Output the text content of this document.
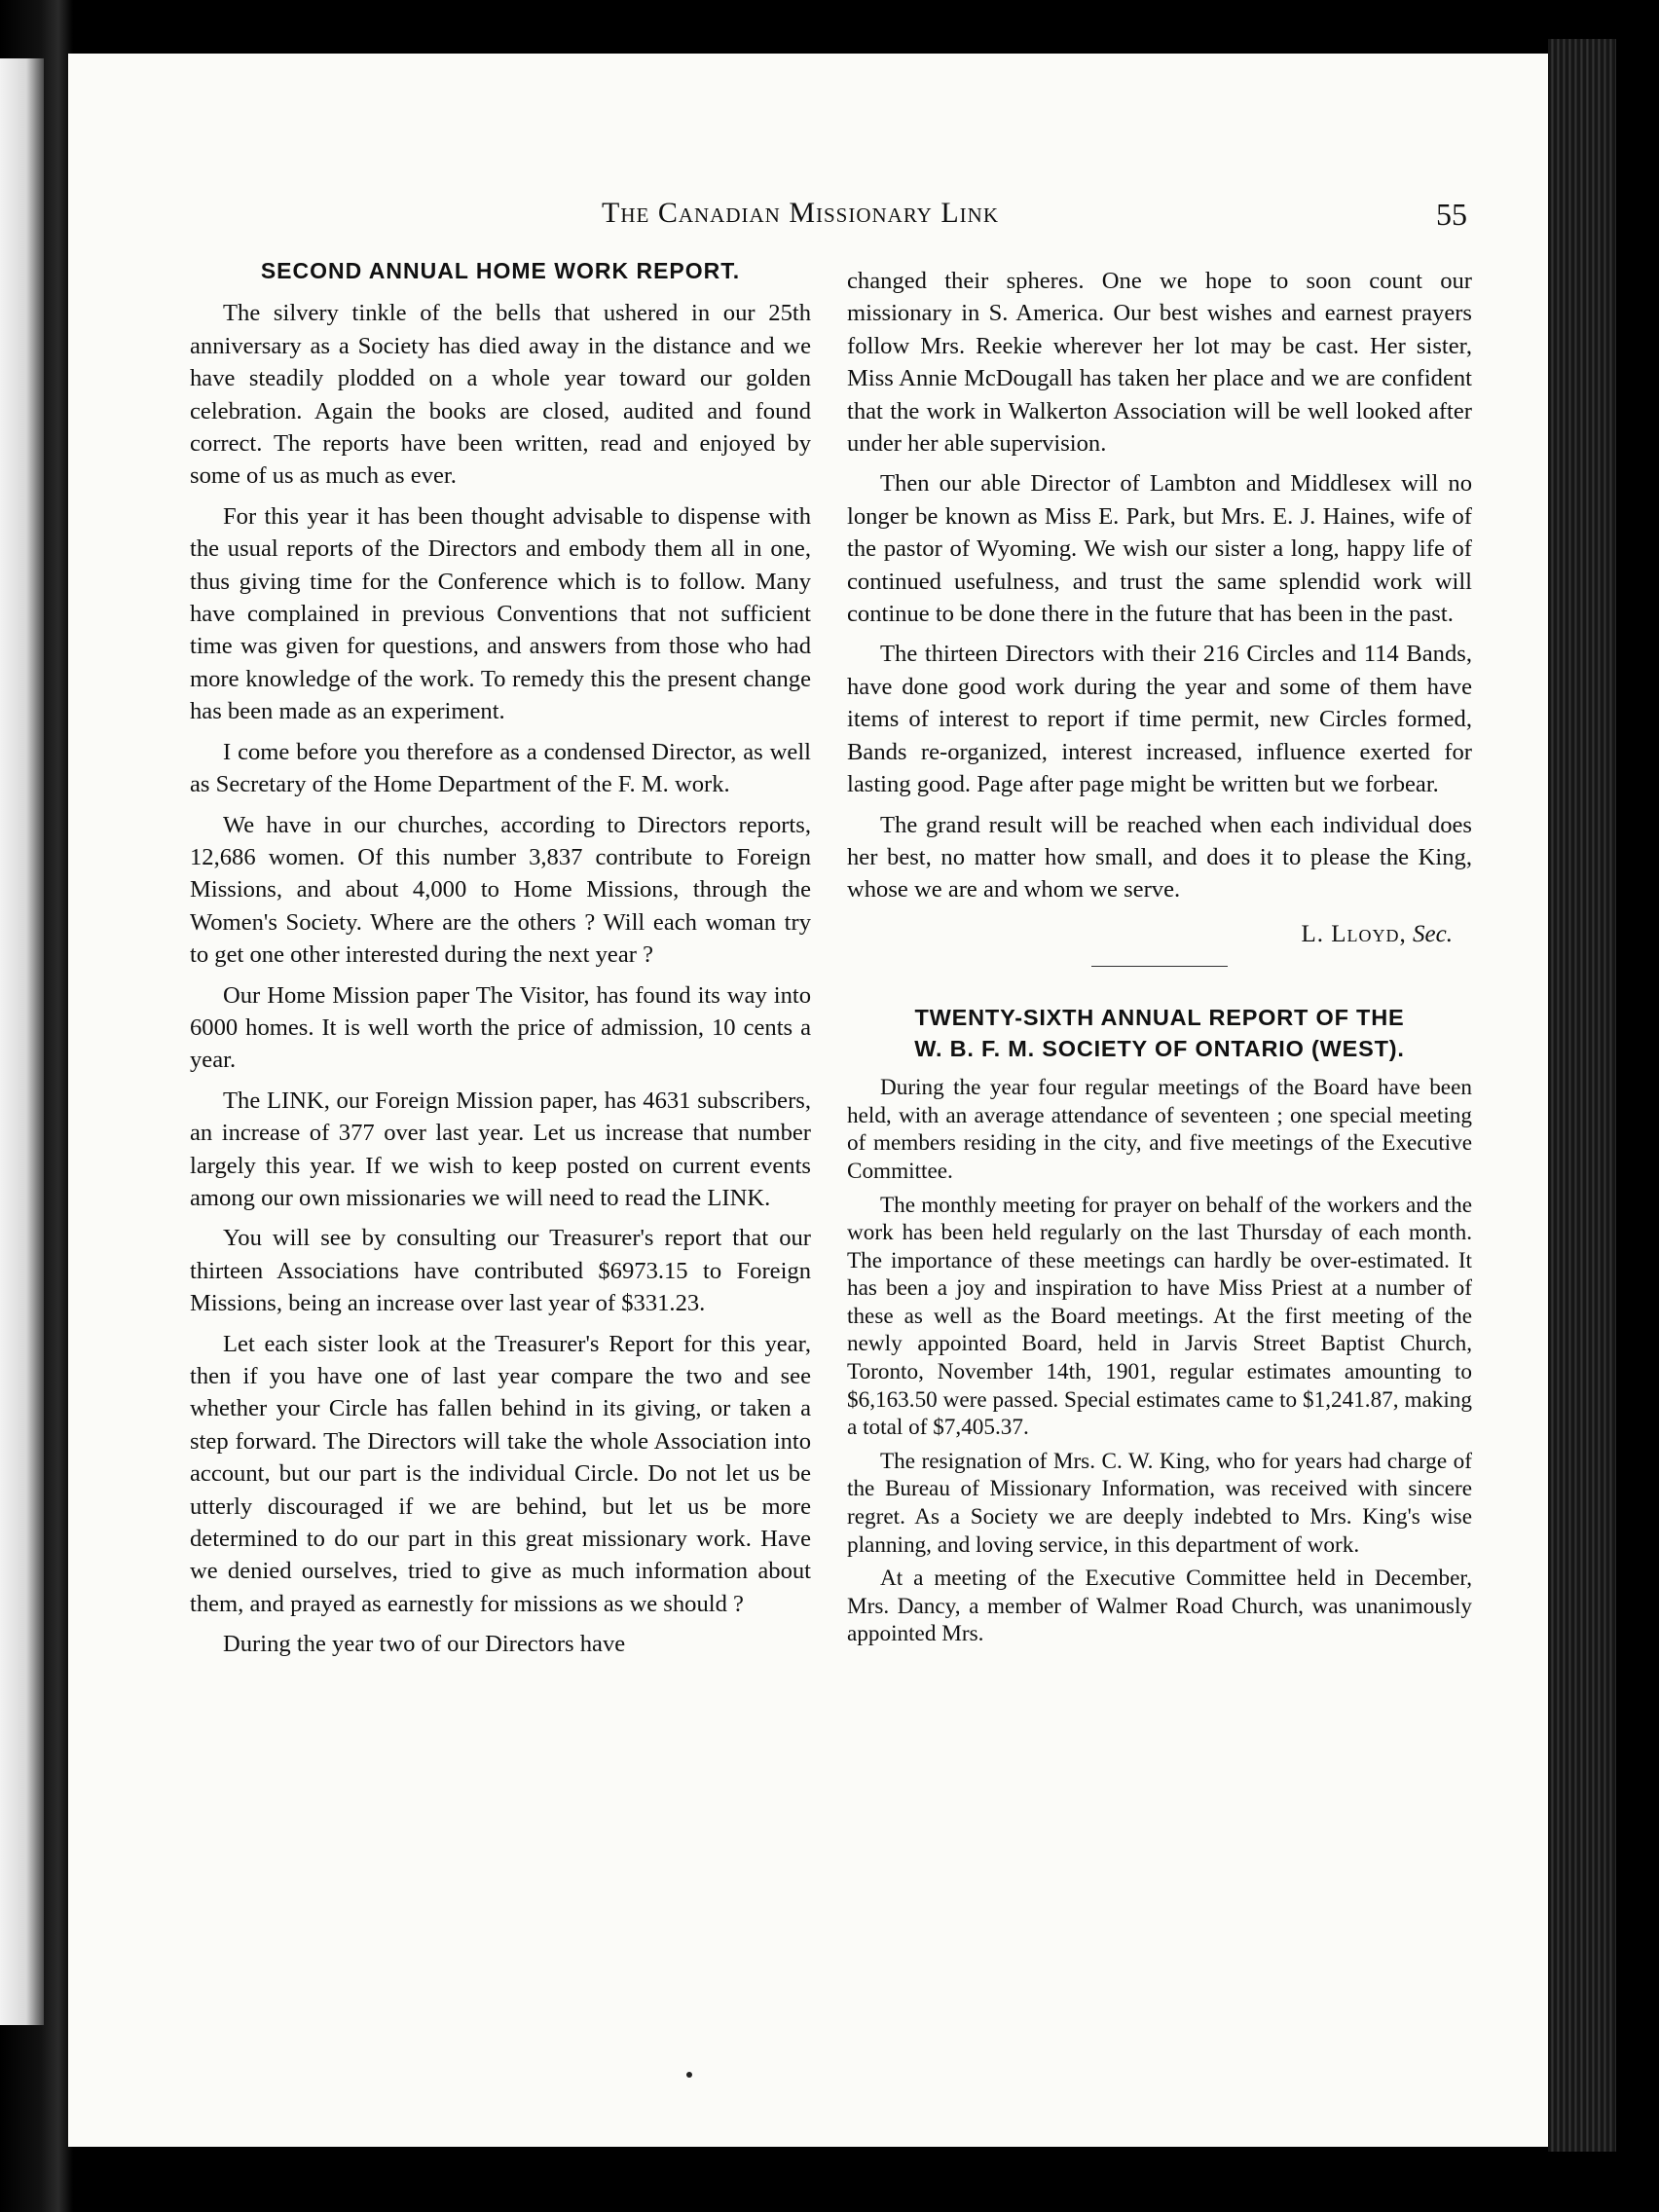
The Canadian Missionary Link	55
SECOND ANNUAL HOME WORK REPORT.

The silvery tinkle of the bells that ushered in our 25th anniversary as a Society has died away in the distance and we have steadily plodded on a whole year toward our golden celebration. Again the books are closed, audited and found correct. The reports have been written, read and enjoyed by some of us as much as ever.

For this year it has been thought advisable to dispense with the usual reports of the Directors and embody them all in one, thus giving time for the Conference which is to follow. Many have complained in previous Conventions that not sufficient time was given for questions, and answers from those who had more knowledge of the work. To remedy this the present change has been made as an experiment.

I come before you therefore as a condensed Director, as well as Secretary of the Home Department of the F. M. work.

We have in our churches, according to Directors reports, 12,686 women. Of this number 3,837 contribute to Foreign Missions, and about 4,000 to Home Missions, through the Women's Society. Where are the others ? Will each woman try to get one other interested during the next year ?

Our Home Mission paper The Visitor, has found its way into 6000 homes. It is well worth the price of admission, 10 cents a year.

The LINK, our Foreign Mission paper, has 4631 subscribers, an increase of 377 over last year. Let us increase that number largely this year. If we wish to keep posted on current events among our own missionaries we will need to read the LINK.

You will see by consulting our Treasurer's report that our thirteen Associations have contributed $6973.15 to Foreign Missions, being an increase over last year of $331.23.

Let each sister look at the Treasurer's Report for this year, then if you have one of last year compare the two and see whether your Circle has fallen behind in its giving, or taken a step forward. The Directors will take the whole Association into account, but our part is the individual Circle. Do not let us be utterly discouraged if we are behind, but let us be more determined to do our part in this great missionary work. Have we denied ourselves, tried to give as much information about them, and prayed as earnestly for missions as we should ?

During the year two of our Directors have

changed their spheres. One we hope to soon count our missionary in S. America. Our best wishes and earnest prayers follow Mrs. Reekie wherever her lot may be cast. Her sister, Miss Annie McDougall has taken her place and we are confident that the work in Walkerton Association will be well looked after under her able supervision.

Then our able Director of Lambton and Middlesex will no longer be known as Miss E. Park, but Mrs. E. J. Haines, wife of the pastor of Wyoming. We wish our sister a long, happy life of continued usefulness, and trust the same splendid work will continue to be done there in the future that has been in the past.

The thirteen Directors with their 216 Circles and 114 Bands, have done good work during the year and some of them have items of interest to report if time permit, new Circles formed, Bands re-organized, interest increased, influence exerted for lasting good. Page after page might be written but we forbear.

The grand result will be reached when each individual does her best, no matter how small, and does it to please the King, whose we are and whom we serve.

L. Lloyd, Sec.
TWENTY-SIXTH ANNUAL REPORT OF THE
W. B. F. M. SOCIETY OF ONTARIO (WEST).

During the year four regular meetings of the Board have been held, with an average attendance of seventeen ; one special meeting of members residing in the city, and five meetings of the Executive Committee.

The monthly meeting for prayer on behalf of the workers and the work has been held regularly on the last Thursday of each month. The importance of these meetings can hardly be over-estimated. It has been a joy and inspiration to have Miss Priest at a number of these as well as the Board meetings. At the first meeting of the newly appointed Board, held in Jarvis Street Baptist Church, Toronto, November 14th, 1901, regular estimates amounting to $6,163.50 were passed. Special estimates came to $1,241.87, making a total of $7,405.37.

The resignation of Mrs. C. W. King, who for years had charge of the Bureau of Missionary Information, was received with sincere regret. As a Society we are deeply indebted to Mrs. King's wise planning, and loving service, in this department of work.

At a meeting of the Executive Committee held in December, Mrs. Dancy, a member of Walmer Road Church, was unanimously appointed Mrs.
